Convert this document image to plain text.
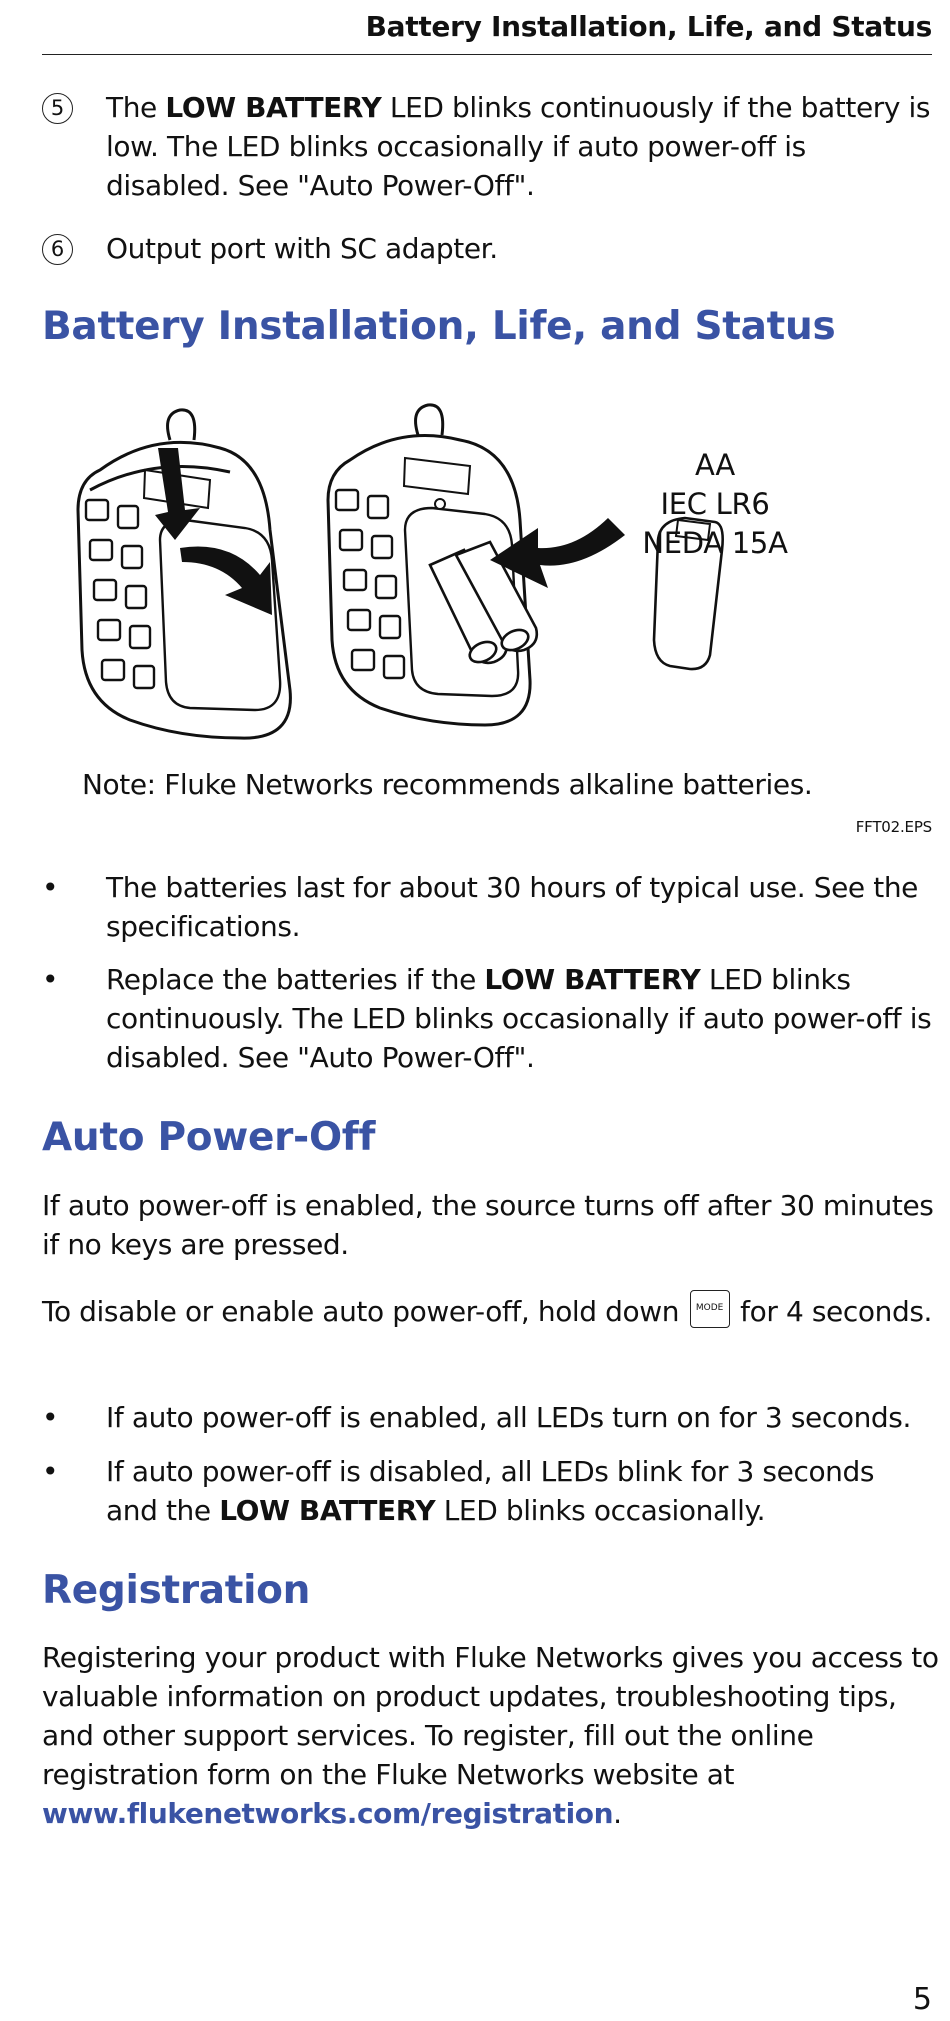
Battery Installation, Life, and Status
5	The LOW BATTERY LED blinks continuously if the battery is low. The LED blinks occasionally if auto power-off is disabled. See "Auto Power-Off".
6	Output port with SC adapter.
Battery Installation, Life, and Status
AA
IEC LR6
NEDA 15A
Note: Fluke Networks recommends alkaline batteries.
FFT02.EPS
• The batteries last for about 30 hours of typical use. See the specifications.
• Replace the batteries if the LOW BATTERY LED blinks continuously. The LED blinks occasionally if auto power-off is disabled. See "Auto Power-Off".
Auto Power-Off

If auto power-off is enabled, the source turns off after 30 minutes if no keys are pressed.

To disable or enable auto power-off, hold down MODE for 4 seconds.

• If auto power-off is enabled, all LEDs turn on for 3 seconds.
• If auto power-off is disabled, all LEDs blink for 3 seconds and the LOW BATTERY LED blinks occasionally.
Registration

Registering your product with Fluke Networks gives you access to valuable information on product updates, troubleshooting tips, and other support services. To register, fill out the online registration form on the Fluke Networks website at www.flukenetworks.com/registration.

5
